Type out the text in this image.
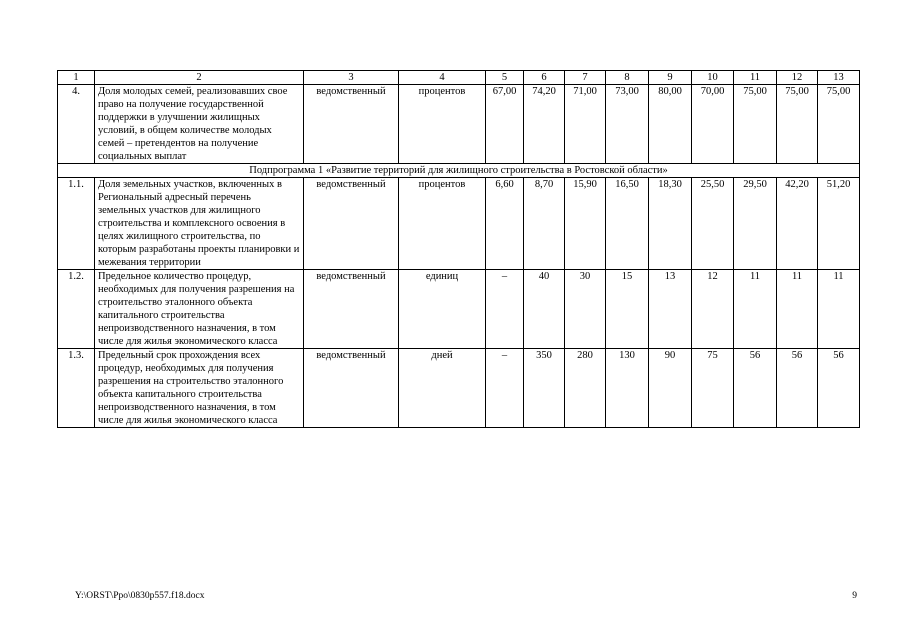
1	2	3	4	5	6	7	8	9	10	11	12	13
4.	Доля молодых семей, реализовавших свое право на получение государственной поддержки в улучшении жилищных условий, в общем количестве молодых семей – претендентов на получение социальных выплат	ведомственный	процентов	67,00	74,20	71,00	73,00	80,00	70,00	75,00	75,00	75,00
Подпрограмма 1 «Развитие территорий для жилищного строительства в Ростовской области»												
1.1.	Доля земельных участков, включенных в Региональный адресный перечень земельных участков для жилищного строительства и комплексного освоения в целях жилищного строительства, по которым разработаны проекты планировки и межевания территории	ведомственный	процентов	6,60	8,70	15,90	16,50	18,30	25,50	29,50	42,20	51,20
1.2.	Предельное количество процедур, необходимых для получения разрешения на строительство эталонного объекта капитального строительства непроизводственного назначения, в том числе для жилья экономического класса	ведомственный	единиц	–	40	30	15	13	12	11	11	11
1.3.	Предельный срок прохождения всех процедур, необходимых для получения разрешения на строительство эталонного объекта капитального строительства непроизводственного назначения, в том числе для жилья экономического класса	ведомственный	дней	–	350	280	130	90	75	56	56	56
Y:\ORST\Ppo\0830p557.f18.docx	9
